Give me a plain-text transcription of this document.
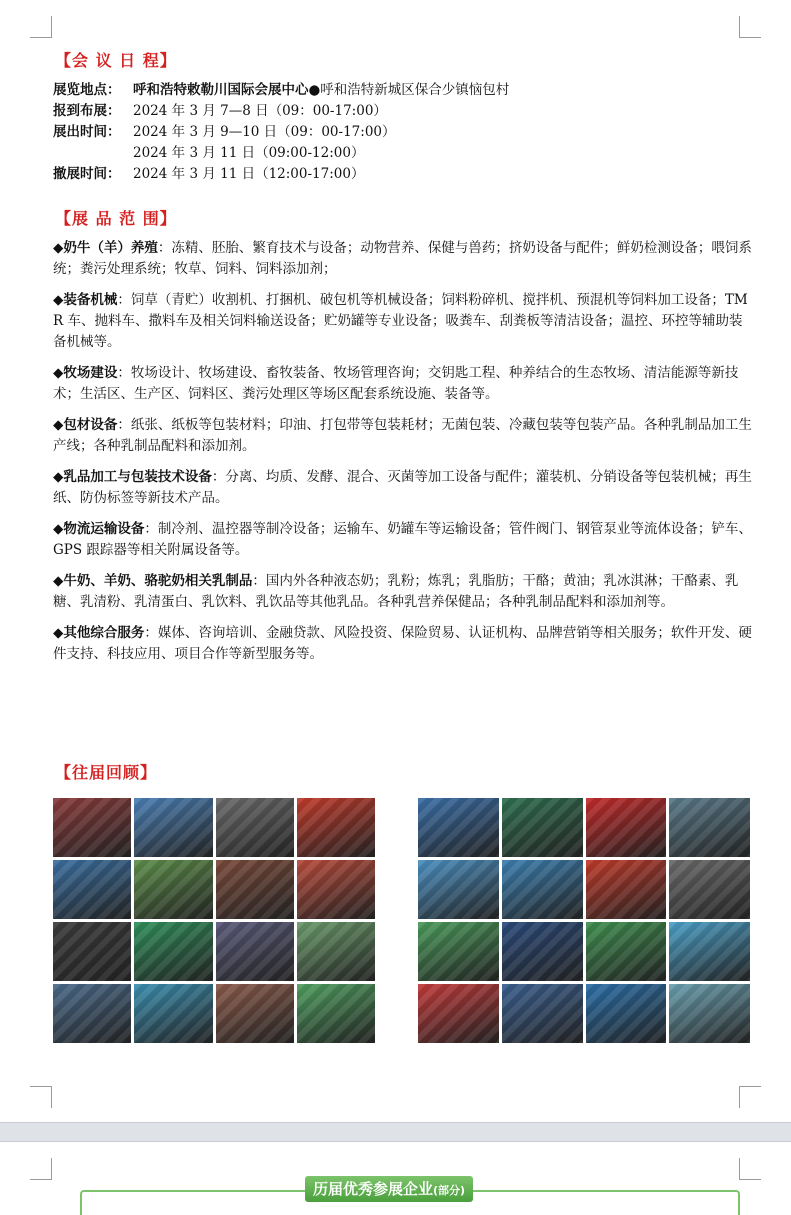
【会 议 日 程】
展览地点： 呼和浩特敕勒川国际会展中心●呼和浩特新城区保合少镇恼包村
报到布展： 2024 年 3 月 7—8 日（09：00-17:00）
展出时间： 2024 年 3 月 9—10 日（09：00-17:00）
2024 年 3 月 11 日（09:00-12:00）
撤展时间： 2024 年 3 月 11 日（12:00-17:00）
【展 品 范 围】

◆奶牛（羊）养殖：冻精、胚胎、繁育技术与设备；动物营养、保健与兽药；挤奶设备与配件；鲜奶检测设备；喂饲系统；粪污处理系统；牧草、饲料、饲料添加剂；

◆装备机械：饲草（青贮）收割机、打捆机、破包机等机械设备；饲料粉碎机、搅拌机、预混机等饲料加工设备；TMR 车、抛料车、撒料车及相关饲料输送设备；贮奶罐等专业设备；吸粪车、刮粪板等清洁设备；温控、环控等辅助装备机械等。

◆牧场建设：牧场设计、牧场建设、畜牧装备、牧场管理咨询；交钥匙工程、种养结合的生态牧场、清洁能源等新技术；生活区、生产区、饲料区、粪污处理区等场区配套系统设施、装备等。

◆包材设备：纸张、纸板等包装材料；印油、打包带等包装耗材；无菌包装、冷藏包装等包装产品。各种乳制品加工生产线；各种乳制品配料和添加剂。

◆乳品加工与包装技术设备：分离、均质、发酵、混合、灭菌等加工设备与配件；灌装机、分销设备等包装机械；再生纸、防伪标签等新技术产品。

◆物流运输设备：制冷剂、温控器等制冷设备；运输车、奶罐车等运输设备；管件阀门、钢管泵业等流体设备；铲车、GPS 跟踪器等相关附属设备等。

◆牛奶、羊奶、骆驼奶相关乳制品：国内外各种液态奶；乳粉；炼乳；乳脂肪；干酪；黄油；乳冰淇淋；干酪素、乳糖、乳清粉、乳清蛋白、乳饮料、乳饮品等其他乳品。各种乳营养保健品；各种乳制品配料和添加剂等。

◆其他综合服务：媒体、咨询培训、金融贷款、风险投资、保险贸易、认证机构、品牌营销等相关服务；软件开发、硬件支持、科技应用、项目合作等新型服务等。

【往届回顾】
历届优秀参展企业(部分)
